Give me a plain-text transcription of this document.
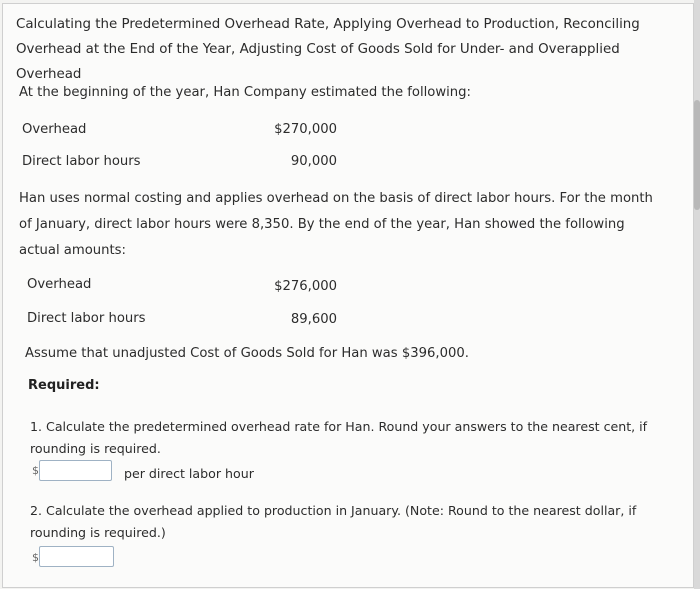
Calculating the Predetermined Overhead Rate, Applying Overhead to Production, Reconciling Overhead at the End of the Year, Adjusting Cost of Goods Sold for Under- and Overapplied Overhead
At the beginning of the year, Han Company estimated the following:
Overhead	$270,000
Direct labor hours	90,000
Han uses normal costing and applies overhead on the basis of direct labor hours. For the month of January, direct labor hours were 8,350. By the end of the year, Han showed the following actual amounts:
Overhead	$276,000
Direct labor hours	89,600
Assume that unadjusted Cost of Goods Sold for Han was $396,000.
Required:
1. Calculate the predetermined overhead rate for Han. Round your answers to the nearest cent, if rounding is required.
$	per direct labor hour
2. Calculate the overhead applied to production in January. (Note: Round to the nearest dollar, if rounding is required.)
$
